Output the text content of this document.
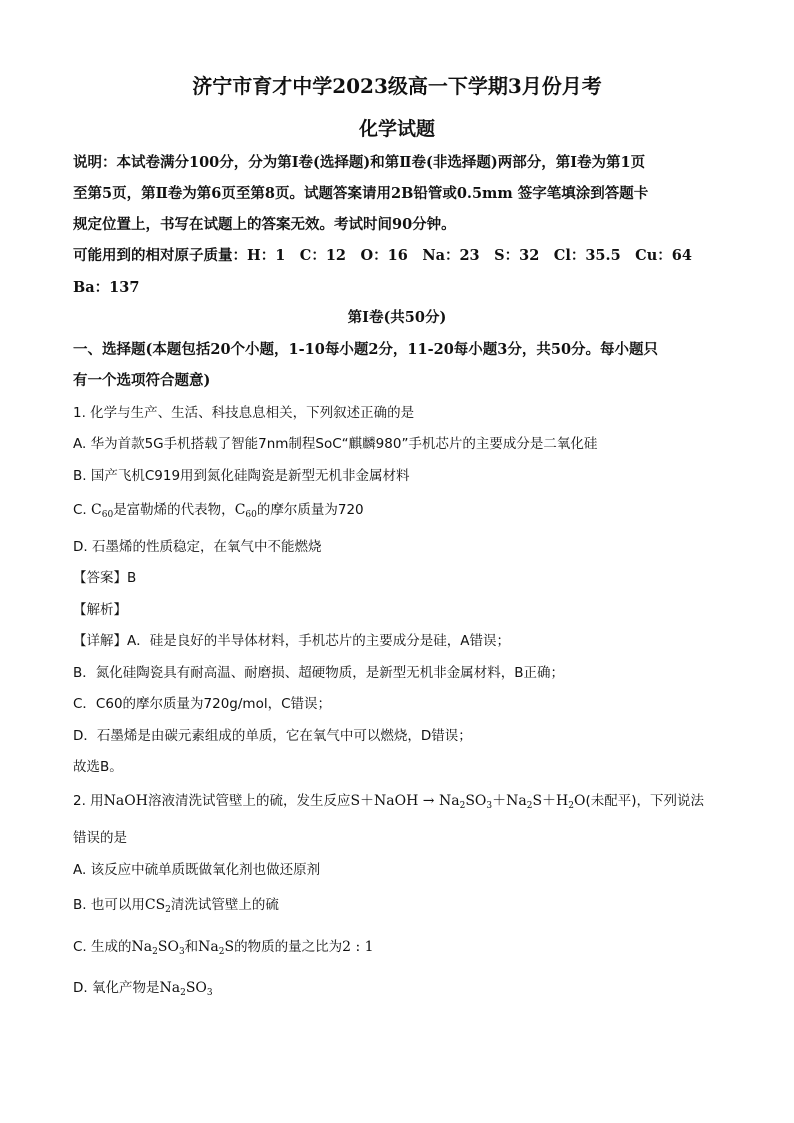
济宁市育才中学2023级高一下学期3月份月考
化学试题
说明：本试卷满分100分，分为第Ⅰ卷(选择题)和第Ⅱ卷(非选择题)两部分，第Ⅰ卷为第1页
至第5页，第Ⅱ卷为第6页至第8页。试题答案请用2B铅管或0.5mm 签字笔填涂到答题卡
规定位置上，书写在试题上的答案无效。考试时间90分钟。
可能用到的相对原子质量：H：1　C：12　O：16　Na：23　S：32　Cl：35.5　Cu：64
Ba：137
第Ⅰ卷(共50分)
一、选择题(本题包括20个小题，1-10每小题2分，11-20每小题3分，共50分。每小题只
有一个选项符合题意)
1. 化学与生产、生活、科技息息相关，下列叙述正确的是
A. 华为首款5G手机搭载了智能7nm制程SoC“麒麟980”手机芯片的主要成分是二氧化硅
B. 国产飞机C919用到氮化硅陶瓷是新型无机非金属材料
C. $C_{60}$是富勒烯的代表物，$C_{60}$的摩尔质量为720
D. 石墨烯的性质稳定，在氧气中不能燃烧
【答案】B
【解析】
【详解】A．硅是良好的半导体材料，手机芯片的主要成分是硅，A错误；
B．氮化硅陶瓷具有耐高温、耐磨损、超硬物质，是新型无机非金属材料，B正确；
C．C60的摩尔质量为720g/mol，C错误；
D．石墨烯是由碳元素组成的单质，它在氧气中可以燃烧，D错误；
故选B。
2. 用NaOH溶液清洗试管壁上的硫，发生反应S＋NaOH → $Na_2SO_3+Na_2S+H_2O$(未配平)，下列说法
错误的是
A. 该反应中硫单质既做氧化剂也做还原剂
B. 也可以用$CS_2$清洗试管壁上的硫
C. 生成的$Na_2SO_3$和$Na_2S$的物质的量之比为2 : 1
D. 氧化产物是$Na_2SO_3$
